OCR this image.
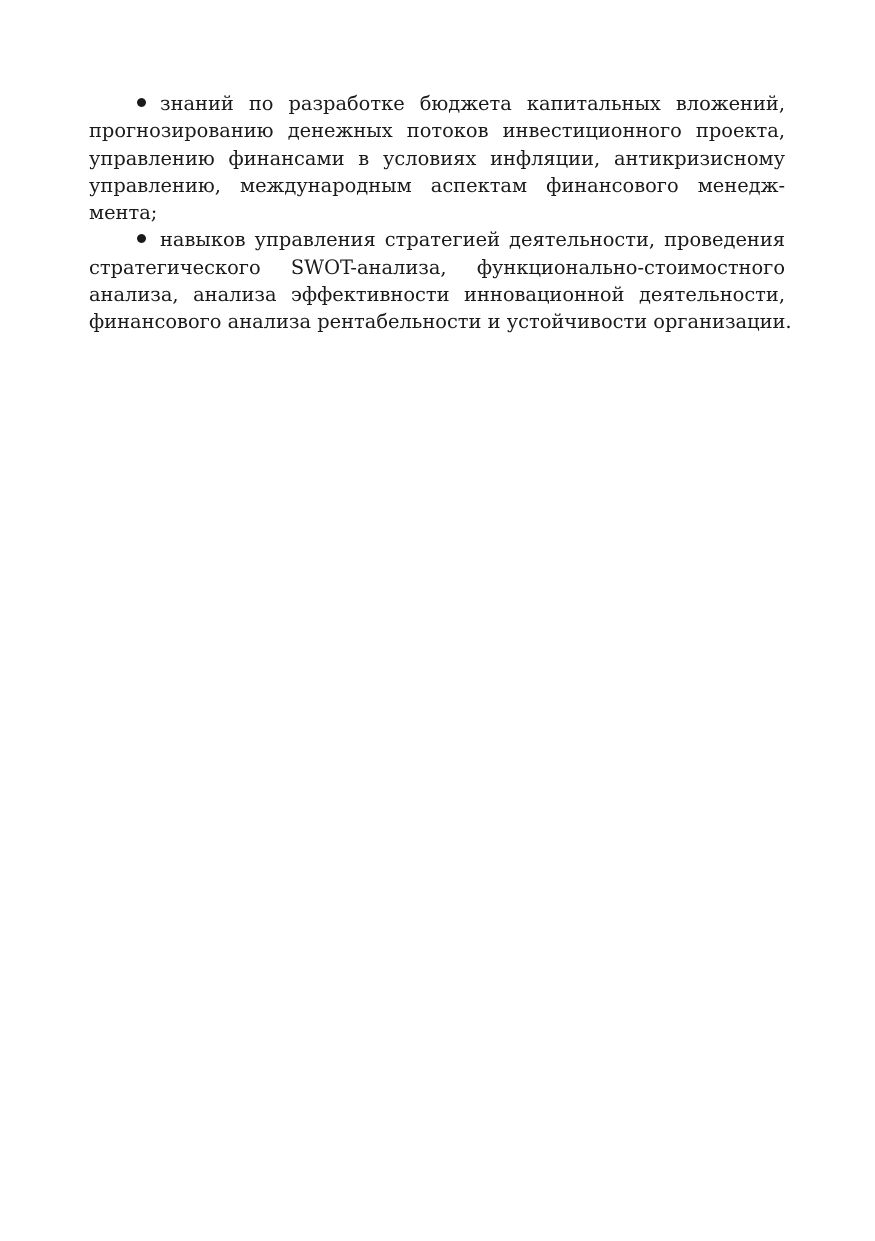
знаний по разработке бюджета капитальных вложений,
прогнозированию денежных потоков инвестиционного проекта,
управлению финансами в условиях инфляции, антикризисному
управлению, международным аспектам финансового менедж-
мента;
навыков управления стратегией деятельности, проведения
стратегического SWOT-анализа, функционально-стоимостного
анализа, анализа эффективности инновационной деятельности,
финансового анализа рентабельности и устойчивости организации.
